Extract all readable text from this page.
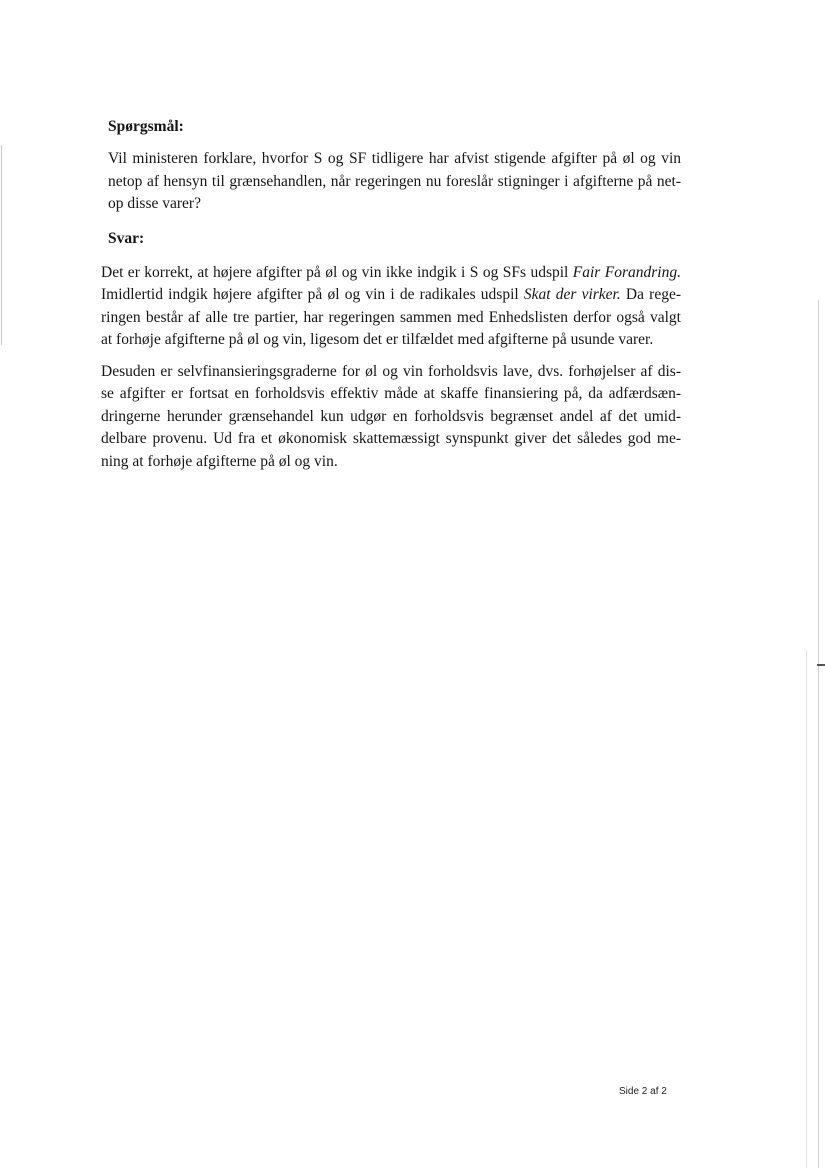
Spørgsmål:

Vil ministeren forklare, hvorfor S og SF tidligere har afvist stigende afgifter på øl og vin
netop af hensyn til grænsehandlen, når regeringen nu foreslår stigninger i afgifterne på net-
op disse varer?

Svar:

Det er korrekt, at højere afgifter på øl og vin ikke indgik i S og SFs udspil Fair Forandring.
Imidlertid indgik højere afgifter på øl og vin i de radikales udspil Skat der virker. Da rege-
ringen består af alle tre partier, har regeringen sammen med Enhedslisten derfor også valgt
at forhøje afgifterne på øl og vin, ligesom det er tilfældet med afgifterne på usunde varer.

Desuden er selvfinansieringsgraderne for øl og vin forholdsvis lave, dvs. forhøjelser af dis-
se afgifter er fortsat en forholdsvis effektiv måde at skaffe finansiering på, da adfærdsæn-
dringerne herunder grænsehandel kun udgør en forholdsvis begrænset andel af det umid-
delbare provenu. Ud fra et økonomisk skattemæssigt synspunkt giver det således god me-
ning at forhøje afgifterne på øl og vin.

Side 2 af 2
